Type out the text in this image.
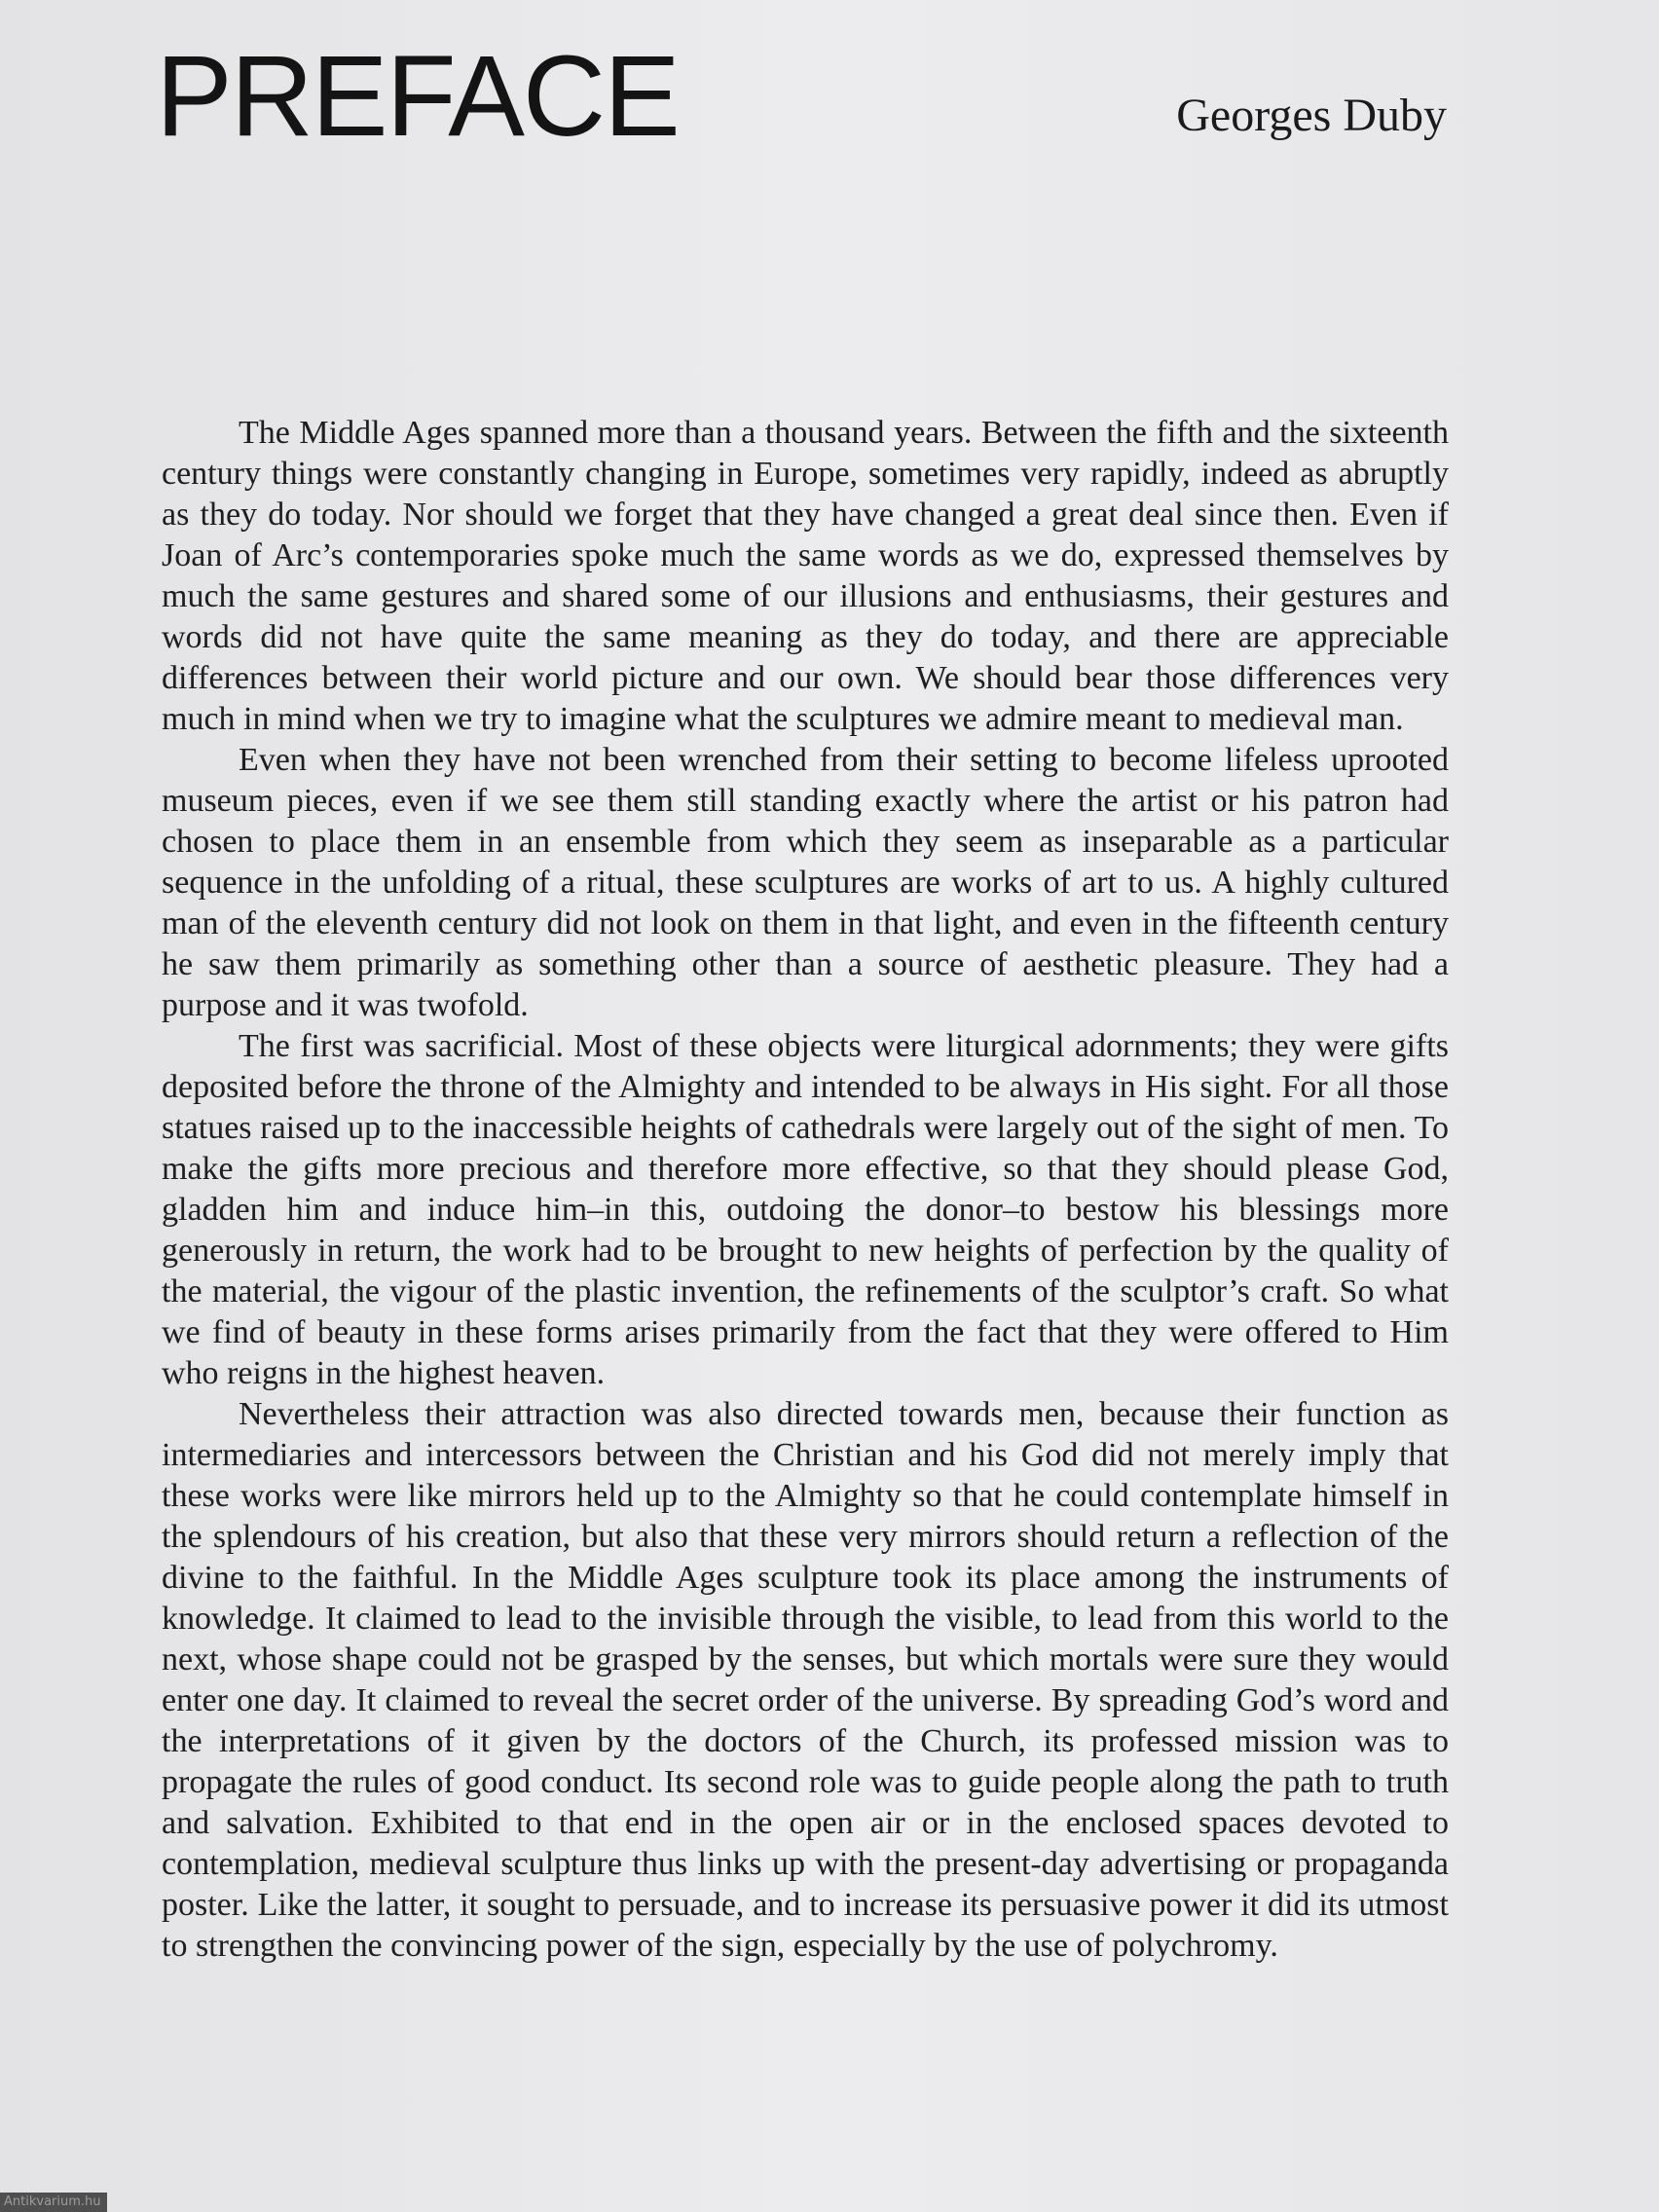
PREFACE	Georges Duby

The Middle Ages spanned more than a thousand years. Between the fifth and the sixteenth century things were constantly changing in Europe, sometimes very rapidly, indeed as abruptly as they do today. Nor should we forget that they have changed a great deal since then. Even if Joan of Arc’s contemporaries spoke much the same words as we do, expressed themselves by much the same gestures and shared some of our illusions and enthusiasms, their gestures and words did not have quite the same meaning as they do today, and there are appreciable differences between their world picture and our own. We should bear those differences very much in mind when we try to imagine what the sculptures we admire meant to medieval man.

Even when they have not been wrenched from their setting to become lifeless uprooted museum pieces, even if we see them still standing exactly where the artist or his patron had chosen to place them in an ensemble from which they seem as inseparable as a particular sequence in the unfolding of a ritual, these sculptures are works of art to us. A highly cultured man of the eleventh century did not look on them in that light, and even in the fifteenth century he saw them primarily as something other than a source of aesthetic pleasure. They had a purpose and it was twofold.

The first was sacrificial. Most of these objects were liturgical adornments; they were gifts deposited before the throne of the Almighty and intended to be always in His sight. For all those statues raised up to the inaccessible heights of cathedrals were largely out of the sight of men. To make the gifts more precious and therefore more effective, so that they should please God, gladden him and induce him–in this, outdoing the donor–to bestow his blessings more generously in return, the work had to be brought to new heights of perfection by the quality of the material, the vigour of the plastic invention, the refinements of the sculptor’s craft. So what we find of beauty in these forms arises primarily from the fact that they were offered to Him who reigns in the highest heaven.

Nevertheless their attraction was also directed towards men, because their function as intermediaries and intercessors between the Christian and his God did not merely imply that these works were like mirrors held up to the Almighty so that he could contemplate himself in the splendours of his creation, but also that these very mirrors should return a reflection of the divine to the faithful. In the Middle Ages sculpture took its place among the instruments of knowledge. It claimed to lead to the invisible through the visible, to lead from this world to the next, whose shape could not be grasped by the senses, but which mortals were sure they would enter one day. It claimed to reveal the secret order of the universe. By spreading God’s word and the interpretations of it given by the doctors of the Church, its professed mission was to propagate the rules of good conduct. Its second role was to guide people along the path to truth and salvation. Exhibited to that end in the open air or in the enclosed spaces devoted to contemplation, medieval sculpture thus links up with the present-day advertising or propaganda poster. Like the latter, it sought to persuade, and to increase its persuasive power it did its utmost to strengthen the convincing power of the sign, especially by the use of polychromy.

Antikvarium.hu
